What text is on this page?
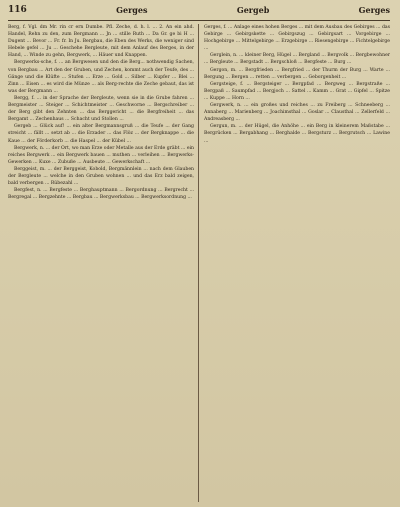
116	Gerges	Gergeb	Gerges

Berg, f. Vgl. dm Mr. rin cr ern Dumbe. Pfl. Zeche, d. h. l. ... 2. An ein ahd. Handel, Rehn zu den, zum Bergmann ... Jn ... stille Ruth ... Da Gr. ge bi H ... Dugent ... Bevor ... Fr. fr. In Ju. Bergbau, die Eben des Werks, die weniger sind Hebele gefel ... Ju ... Geschehe Bergleute, mit dem Anlauf des Berges, in der Hand, ... Winde zu gehn, Bergwerk, ... Häuer und Knappen.

Bergwerks-sche, f. ... an Bergwesen und den die Berg... nothwendig Sachen, von Bergbau ... Art den der Gruben, und Zechen, kommt auch der Teufe, des ... Gänge und die Klüfte ... Stufen ... Erze ... Gold ... Silber ... Kupfer ... Blei ... Zinn ... Eisen ... es wird die Münze ... als Berg-rechte die Zeche gebaut, das ist was der Bergmann ...

Bergg, f. ... in der Sprache der Bergleute, wenn sie in die Grube fahren ... Bergmeister ... Steiger ... Schichtmeister ... Geschworne ... Bergschreiber ... der Berg gibt den Zehnten ... das Berggericht ... die Bergfreiheit ... das Bergamt ... Zechenhaus ... Schacht und Stollen ...

Gergeb ... Glück auf! ... ein alter Bergmannsgruß ... die Teufe ... der Gang streicht ... fällt ... setzt ab ... die Erzader ... das Flöz ... der Bergknappe ... die Kaue ... der Förderkorb ... die Haspel ... der Kübel ...

Bergwerk, n. ... der Ort, wo man Erze oder Metalle aus der Erde gräbt ... ein reiches Bergwerk ... ein Bergwerk bauen ... muthen ... verleihen ... Bergwerks-Gewerken ... Kuxe ... Zubuße ... Ausbeute ... Gewerkschaft ...

Berggeist, m. ... der Berggeist, Kobold, Bergmännlein ... nach dem Glauben der Bergleute ... welche in den Gruben wohnen ... und das Erz bald zeigen, bald verbergen ... Rübezahl ...

Bergfest, n. ... Bergfeste ... Berghauptmann ... Bergordnung ... Bergrecht ... Bergregal ... Bergzehnte ... Bergbau ... Bergwerksbau ... Bergwerksordnung ...

Gerges, f. ... Anlage eines hohen Berges ... mit dem Ausbau des Gebirges ... das Gebirge ... Gebirgskette ... Gebirgszug ... Gebirgsart ... Vorgebirge ... Hochgebirge ... Mittelgebirge ... Erzgebirge ... Riesengebirge ... Fichtelgebirge ...

Gerglein, n. ... kleiner Berg, Hügel ... Bergland ... Bergvolk ... Bergbewohner ... Bergleute ... Bergstadt ... Bergschloß ... Bergfeste ... Burg ...

Gergon, m. ... Bergfrieden ... Bergfried ... der Thurm der Burg ... Warte ... Bergung ... Bergen ... retten ... verbergen ... Geborgenheit ...

Gergsteige, f. ... Bergsteiger ... Bergpfad ... Bergweg ... Bergstraße ... Bergpaß ... Saumpfad ... Bergjoch ... Sattel ... Kamm ... Grat ... Gipfel ... Spitze ... Kuppe ... Horn ...

Gergwerk, n. ... ein großes und reiches ... zu Freiberg ... Schneeberg ... Annaberg ... Marienberg ... Joachimsthal ... Goslar ... Clausthal ... Zellerfeld ... Andreasberg ...

Gergun, m. ... der Hügel, die Anhöhe ... ein Berg in kleinerem Maßstabe ... Bergrücken ... Bergabhang ... Berghalde ... Bergsturz ... Bergrutsch ... Lawine ...
